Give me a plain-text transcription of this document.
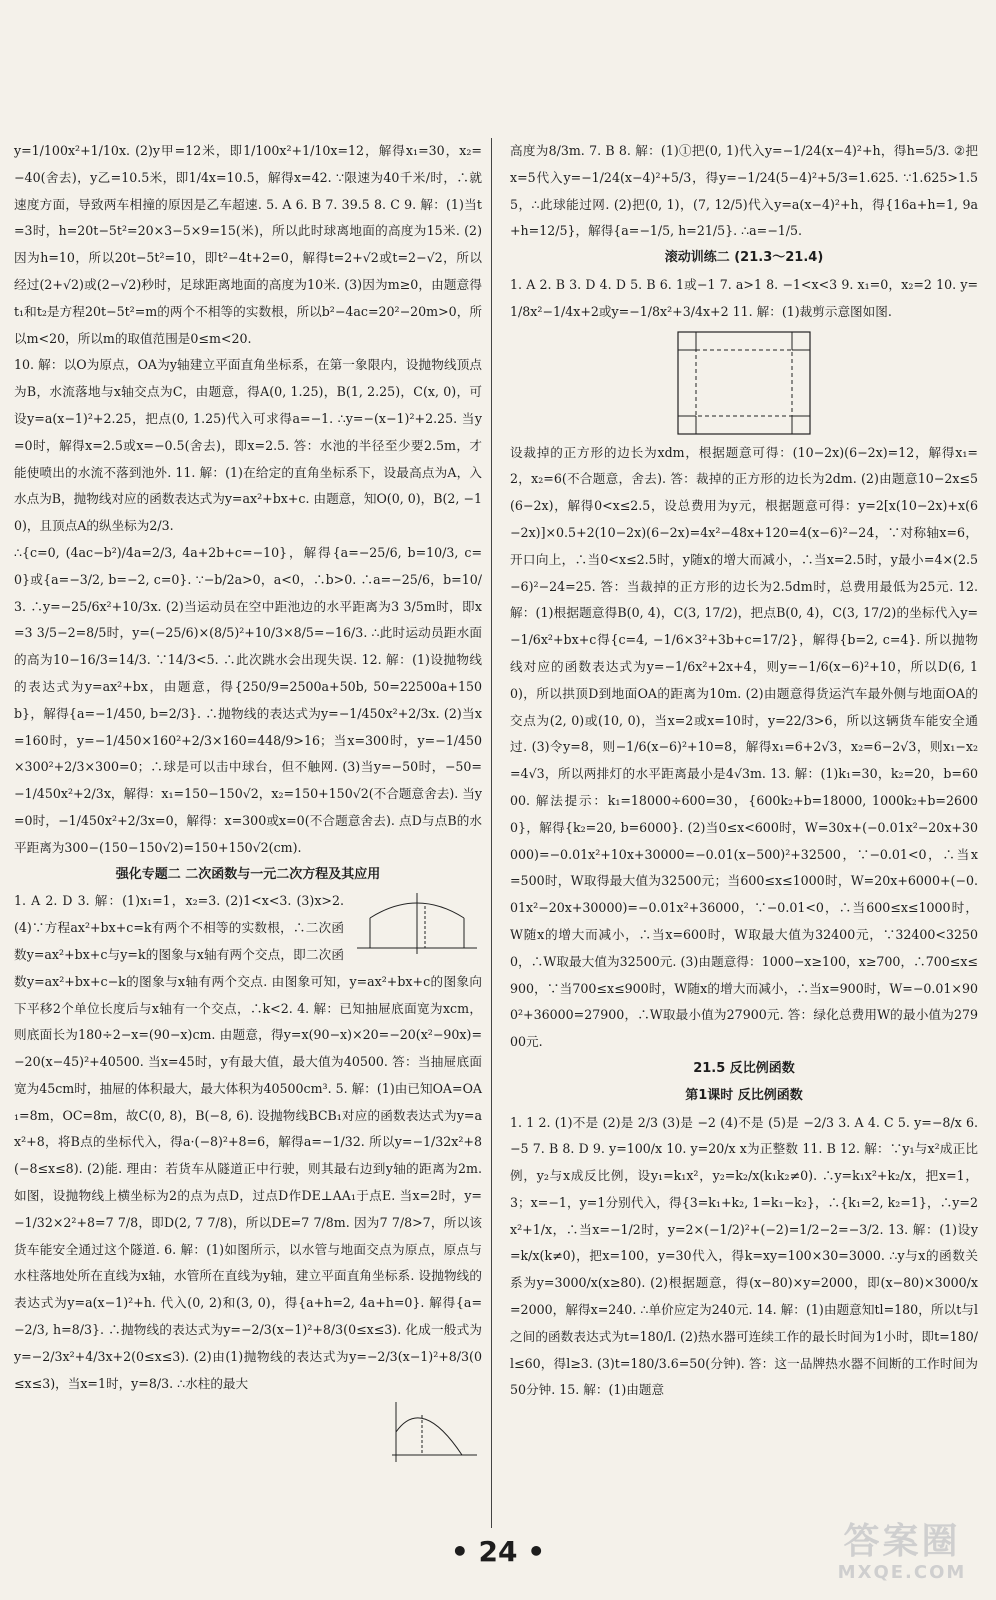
y=1/100x²+1/10x. (2)y甲=12米，即1/100x²+1/10x=12，解得x₁=30，x₂=−40(舍去)，y乙=10.5米，即1/4x=10.5，解得x=42. ∵限速为40千米/时，∴就速度方面，导致两车相撞的原因是乙车超速. 5. A 6. B 7. 39.5 8. C 9. 解：(1)当t=3时，h=20t−5t²=20×3−5×9=15(米)，所以此时球离地面的高度为15米. (2)因为h=10，所以20t−5t²=10，即t²−4t+2=0，解得t=2+√2或t=2−√2，所以经过(2+√2)或(2−√2)秒时，足球距离地面的高度为10米. (3)因为m≥0，由题意得t₁和t₂是方程20t−5t²=m的两个不相等的实数根，所以b²−4ac=20²−20m>0，所以m<20，所以m的取值范围是0≤m<20.

10. 解：以O为原点，OA为y轴建立平面直角坐标系，在第一象限内，设抛物线顶点为B，水流落地与x轴交点为C，由题意，得A(0, 1.25)，B(1, 2.25)，C(x, 0)，可设y=a(x−1)²+2.25，把点(0, 1.25)代入可求得a=−1. ∴y=−(x−1)²+2.25. 当y=0时，解得x=2.5或x=−0.5(舍去)，即x=2.5. 答：水池的半径至少要2.5m，才能使喷出的水流不落到池外. 11. 解：(1)在给定的直角坐标系下，设最高点为A，入水点为B，抛物线对应的函数表达式为y=ax²+bx+c. 由题意，知O(0, 0)，B(2, −10)，且顶点A的纵坐标为2/3.

∴{c=0, (4ac−b²)/4a=2/3, 4a+2b+c=−10}，解得{a=−25/6, b=10/3, c=0}或{a=−3/2, b=−2, c=0}. ∵−b/2a>0，a<0，∴b>0. ∴a=−25/6，b=10/3. ∴y=−25/6x²+10/3x. (2)当运动员在空中距池边的水平距离为3 3/5m时，即x=3 3/5−2=8/5时，y=(−25/6)×(8/5)²+10/3×8/5=−16/3. ∴此时运动员距水面的高为10−16/3=14/3. ∵14/3<5. ∴此次跳水会出现失误. 12. 解：(1)设抛物线的表达式为y=ax²+bx，由题意，得{250/9=2500a+50b, 50=22500a+150b}，解得{a=−1/450, b=2/3}. ∴抛物线的表达式为y=−1/450x²+2/3x. (2)当x=160时，y=−1/450×160²+2/3×160=448/9>16；当x=300时，y=−1/450×300²+2/3×300=0；∴球是可以击中球台，但不触网. (3)当y=−50时，−50=−1/450x²+2/3x，解得：x₁=150−150√2，x₂=150+150√2(不合题意舍去). 当y=0时，−1/450x²+2/3x=0，解得：x=300或x=0(不合题意舍去). 点D与点B的水平距离为300−(150−150√2)=150+150√2(cm).

强化专题二 二次函数与一元二次方程及其应用

1. A 2. D 3. 解：(1)x₁=1，x₂=3. (2)1<x<3. (3)x>2. (4)∵方程ax²+bx+c=k有两个不相等的实数根，∴二次函数y=ax²+bx+c与y=k的图象与x轴有两个交点，即二次函数y=ax²+bx+c−k的图象与x轴有两个交点. 由图象可知，y=ax²+bx+c的图象向下平移2个单位长度后与x轴有一个交点，∴k<2. 4. 解：已知抽屉底面宽为xcm，则底面长为180÷2−x=(90−x)cm. 由题意，得y=x(90−x)×20=−20(x²−90x)=−20(x−45)²+40500. 当x=45时，y有最大值，最大值为40500. 答：当抽屉底面宽为45cm时，抽屉的体积最大，最大体积为40500cm³. 5. 解：(1)由已知OA=OA₁=8m，OC=8m，故C(0, 8)，B(−8, 6). 设抛物线BCB₁对应的函数表达式为y=ax²+8，将B点的坐标代入，得a·(−8)²+8=6，解得a=−1/32. 所以y=−1/32x²+8(−8≤x≤8). (2)能. 理由：若货车从隧道正中行驶，则其最右边到y轴的距离为2m. 如图，设抛物线上横坐标为2的点为点D，过点D作DE⊥AA₁于点E. 当x=2时，y=−1/32×2²+8=7 7/8，即D(2, 7 7/8)，所以DE=7 7/8m. 因为7 7/8>7，所以该货车能安全通过这个隧道. 6. 解：(1)如图所示，以水管与地面交点为原点，原点与水柱落地处所在直线为x轴，水管所在直线为y轴，建立平面直角坐标系. 设抛物线的表达式为y=a(x−1)²+h. 代入(0, 2)和(3, 0)，得{a+h=2, 4a+h=0}. 解得{a=−2/3, h=8/3}. ∴抛物线的表达式为y=−2/3(x−1)²+8/3(0≤x≤3). 化成一般式为y=−2/3x²+4/3x+2(0≤x≤3). (2)由(1)抛物线的表达式为y=−2/3(x−1)²+8/3(0≤x≤3)，当x=1时，y=8/3. ∴水柱的最大

高度为8/3m. 7. B 8. 解：(1)①把(0, 1)代入y=−1/24(x−4)²+h，得h=5/3. ②把x=5代入y=−1/24(x−4)²+5/3，得y=−1/24(5−4)²+5/3=1.625. ∵1.625>1.55，∴此球能过网. (2)把(0, 1)，(7, 12/5)代入y=a(x−4)²+h，得{16a+h=1, 9a+h=12/5}，解得{a=−1/5, h=21/5}. ∴a=−1/5.

滚动训练二 (21.3～21.4)

1. A 2. B 3. D 4. D 5. B 6. 1或−1 7. a>1 8. −1<x<3 9. x₁=0，x₂=2 10. y=1/8x²−1/4x+2或y=−1/8x²+3/4x+2 11. 解：(1)裁剪示意图如图.

设裁掉的正方形的边长为xdm，根据题意可得：(10−2x)(6−2x)=12，解得x₁=2，x₂=6(不合题意，舍去). 答：裁掉的正方形的边长为2dm. (2)由题意10−2x≤5(6−2x)，解得0<x≤2.5，设总费用为y元，根据题意可得：y=2[x(10−2x)+x(6−2x)]×0.5+2(10−2x)(6−2x)=4x²−48x+120=4(x−6)²−24，∵对称轴x=6，开口向上，∴当0<x≤2.5时，y随x的增大而减小，∴当x=2.5时，y最小=4×(2.5−6)²−24=25. 答：当裁掉的正方形的边长为2.5dm时，总费用最低为25元. 12. 解：(1)根据题意得B(0, 4)，C(3, 17/2)，把点B(0, 4)，C(3, 17/2)的坐标代入y=−1/6x²+bx+c得{c=4, −1/6×3²+3b+c=17/2}，解得{b=2, c=4}. 所以抛物线对应的函数表达式为y=−1/6x²+2x+4，则y=−1/6(x−6)²+10，所以D(6, 10)，所以拱顶D到地面OA的距离为10m. (2)由题意得货运汽车最外侧与地面OA的交点为(2, 0)或(10, 0)，当x=2或x=10时，y=22/3>6，所以这辆货车能安全通过. (3)令y=8，则−1/6(x−6)²+10=8，解得x₁=6+2√3，x₂=6−2√3，则x₁−x₂=4√3，所以两排灯的水平距离最小是4√3m. 13. 解：(1)k₁=30，k₂=20，b=6000. 解法提示：k₁=18000÷600=30，{600k₂+b=18000, 1000k₂+b=26000}，解得{k₂=20, b=6000}. (2)当0≤x<600时，W=30x+(−0.01x²−20x+30000)=−0.01x²+10x+30000=−0.01(x−500)²+32500，∵−0.01<0，∴当x=500时，W取得最大值为32500元；当600≤x≤1000时，W=20x+6000+(−0.01x²−20x+30000)=−0.01x²+36000，∵−0.01<0，∴当600≤x≤1000时，W随x的增大而减小，∴当x=600时，W取最大值为32400元，∵32400<32500，∴W取最大值为32500元. (3)由题意得：1000−x≥100，x≥700，∴700≤x≤900，∵当700≤x≤900时，W随x的增大而减小，∴当x=900时，W=−0.01×900²+36000=27900，∴W取最小值为27900元. 答：绿化总费用W的最小值为27900元.

21.5 反比例函数
第1课时 反比例函数

1. 1 2. (1)不是 (2)是 2/3 (3)是 −2 (4)不是 (5)是 −2/3 3. A 4. C 5. y=−8/x 6. −5 7. B 8. D 9. y=100/x 10. y=20/x x为正整数 11. B 12. 解：∵y₁与x²成正比例，y₂与x成反比例，设y₁=k₁x²，y₂=k₂/x(k₁k₂≠0). ∴y=k₁x²+k₂/x，把x=1，3；x=−1，y=1分别代入，得{3=k₁+k₂, 1=k₁−k₂}，∴{k₁=2, k₂=1}，∴y=2x²+1/x，∴当x=−1/2时，y=2×(−1/2)²+(−2)=1/2−2=−3/2. 13. 解：(1)设y=k/x(k≠0)，把x=100，y=30代入，得k=xy=100×30=3000. ∴y与x的函数关系为y=3000/x(x≥80). (2)根据题意，得(x−80)×y=2000，即(x−80)×3000/x=2000，解得x=240. ∴单价应定为240元. 14. 解：(1)由题意知tl=180，所以t与l之间的函数表达式为t=180/l. (2)热水器可连续工作的最长时间为1小时，即t=180/l≤60，得l≥3. (3)t=180/3.6=50(分钟). 答：这一品牌热水器不间断的工作时间为50分钟. 15. 解：(1)由题意

• 24 •	答案圈
MXQE.COM
